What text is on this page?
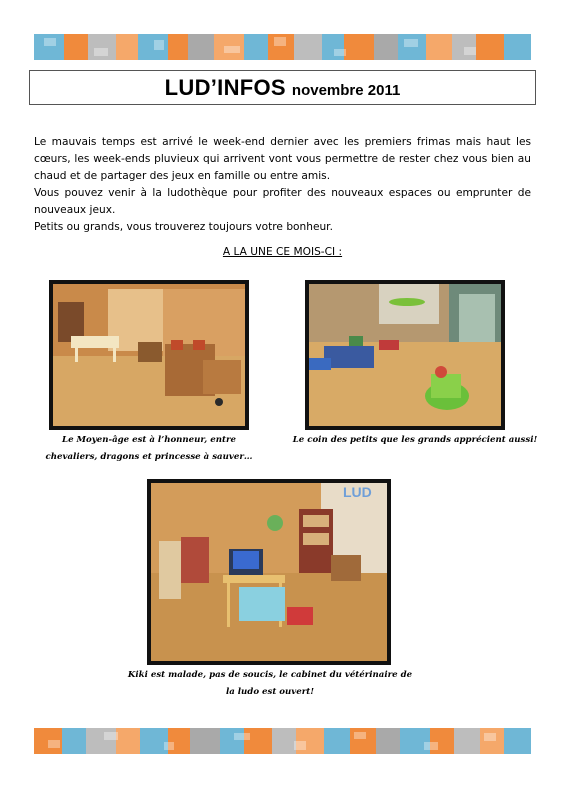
LUD’INFOS novembre 2011

Le mauvais temps est arrivé le week-end dernier avec les premiers frimas mais haut les cœurs, les week-ends pluvieux qui arrivent vont vous permettre de rester chez vous bien au chaud et de partager des jeux en famille ou entre amis.

Vous pouvez venir à la ludothèque pour profiter des nouveaux espaces ou emprunter de nouveaux jeux.

Petits ou grands, vous trouverez toujours votre bonheur.

A LA UNE CE MOIS-CI :
Le Moyen-âge est à l’honneur, entre
chevaliers, dragons et princesse à sauver…
Le coin des petits que les grands apprécient aussi!
LUD
Kiki est malade, pas de soucis, le cabinet du vétérinaire de
la ludo est ouvert!
